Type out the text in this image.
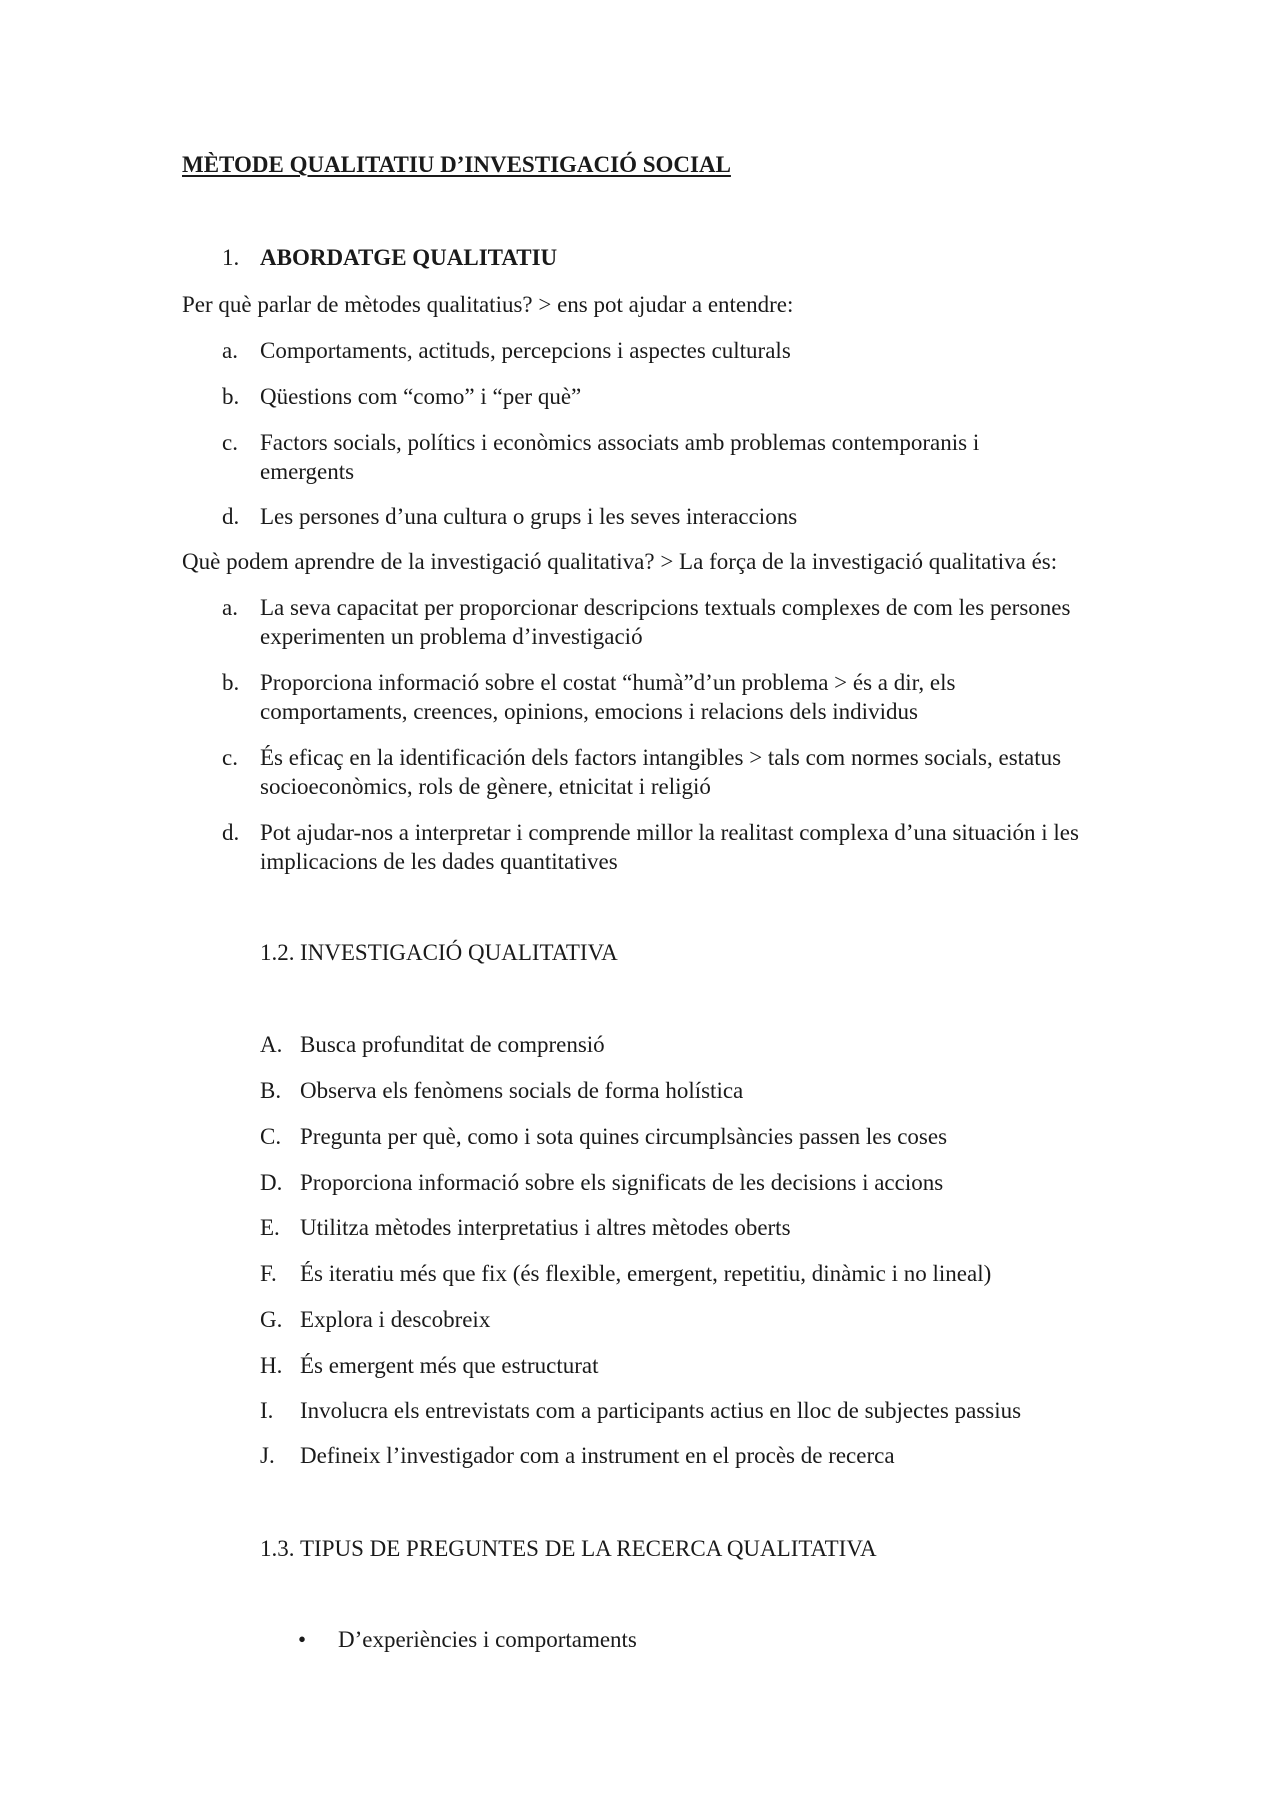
MÈTODE QUALITATIU D’INVESTIGACIÓ SOCIAL
1. ABORDATGE QUALITATIU
Per què parlar de mètodes qualitatius? > ens pot ajudar a entendre:
a. Comportaments, actituds, percepcions i aspectes culturals
b. Qüestions com “como” i “per què”
c. Factors socials, polítics i econòmics associats amb problemas contemporanis i emergents
d. Les persones d’una cultura o grups i les seves interaccions
Què podem aprendre de la investigació qualitativa? > La força de la investigació qualitativa és:
a. La seva capacitat per proporcionar descripcions textuals complexes de com les persones experimenten un problema d’investigació
b. Proporciona informació sobre el costat “humà”d’un problema > és a dir, els comportaments, creences, opinions, emocions i relacions dels individus
c. És eficaç en la identificación dels factors intangibles > tals com normes socials, estatus socioeconòmics, rols de gènere, etnicitat i religió
d. Pot ajudar-nos a interpretar i comprende millor la realitast complexa d’una situación i les implicacions de les dades quantitatives
1.2. INVESTIGACIÓ QUALITATIVA
A. Busca profunditat de comprensió
B. Observa els fenòmens socials de forma holística
C. Pregunta per què, como i sota quines circumplsàncies passen les coses
D. Proporciona informació sobre els significats de les decisions i accions
E. Utilitza mètodes interpretatius i altres mètodes oberts
F. És iteratiu més que fix (és flexible, emergent, repetitiu, dinàmic i no lineal)
G. Explora i descobreix
H. És emergent més que estructurat
I. Involucra els entrevistats com a participants actius en lloc de subjectes passius
J. Defineix l’investigador com a instrument en el procès de recerca
1.3. TIPUS DE PREGUNTES DE LA RECERCA QUALITATIVA
• D’experiències i comportaments
